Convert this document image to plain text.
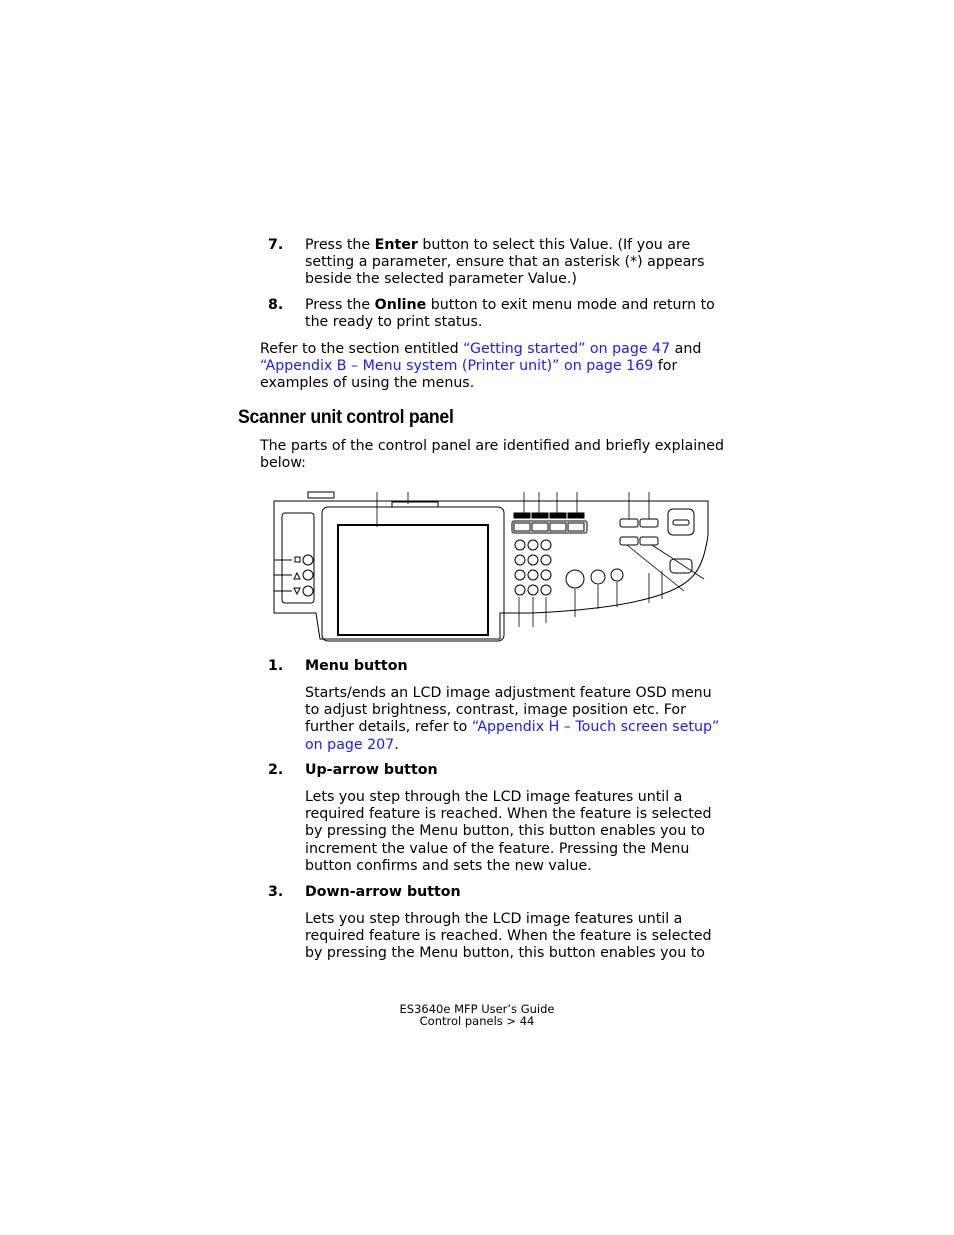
7. Press the Enter button to select this Value. (If you are setting a parameter, ensure that an asterisk (*) appears beside the selected parameter Value.)
8. Press the Online button to exit menu mode and return to the ready to print status.
Refer to the section entitled “Getting started” on page 47 and “Appendix B – Menu system (Printer unit)” on page 169 for examples of using the menus.
Scanner unit control panel
The parts of the control panel are identified and briefly explained below:
1. Menu button
Starts/ends an LCD image adjustment feature OSD menu to adjust brightness, contrast, image position etc. For further details, refer to “Appendix H – Touch screen setup” on page 207.
2. Up-arrow button
Lets you step through the LCD image features until a required feature is reached. When the feature is selected by pressing the Menu button, this button enables you to increment the value of the feature. Pressing the Menu button confirms and sets the new value.
3. Down-arrow button
Lets you step through the LCD image features until a required feature is reached. When the feature is selected by pressing the Menu button, this button enables you to
ES3640e MFP User’s Guide
Control panels > 44
